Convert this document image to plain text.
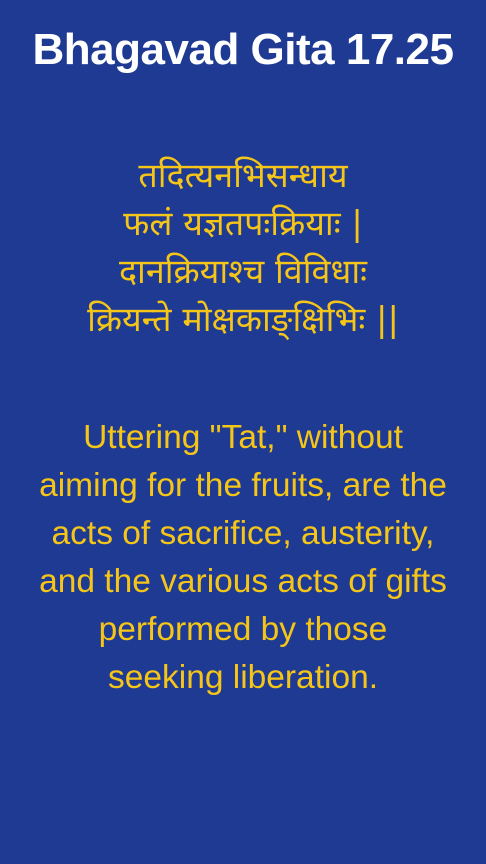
Bhagavad Gita 17.25
तदित्यनभिसन्धाय
फलं यज्ञतपःक्रियाः |
दानक्रियाश्च विविधाः
क्रियन्ते मोक्षकाङ्क्षिभिः ||
Uttering "Tat," without
aiming for the fruits, are the
acts of sacrifice, austerity,
and the various acts of gifts
performed by those
seeking liberation.
